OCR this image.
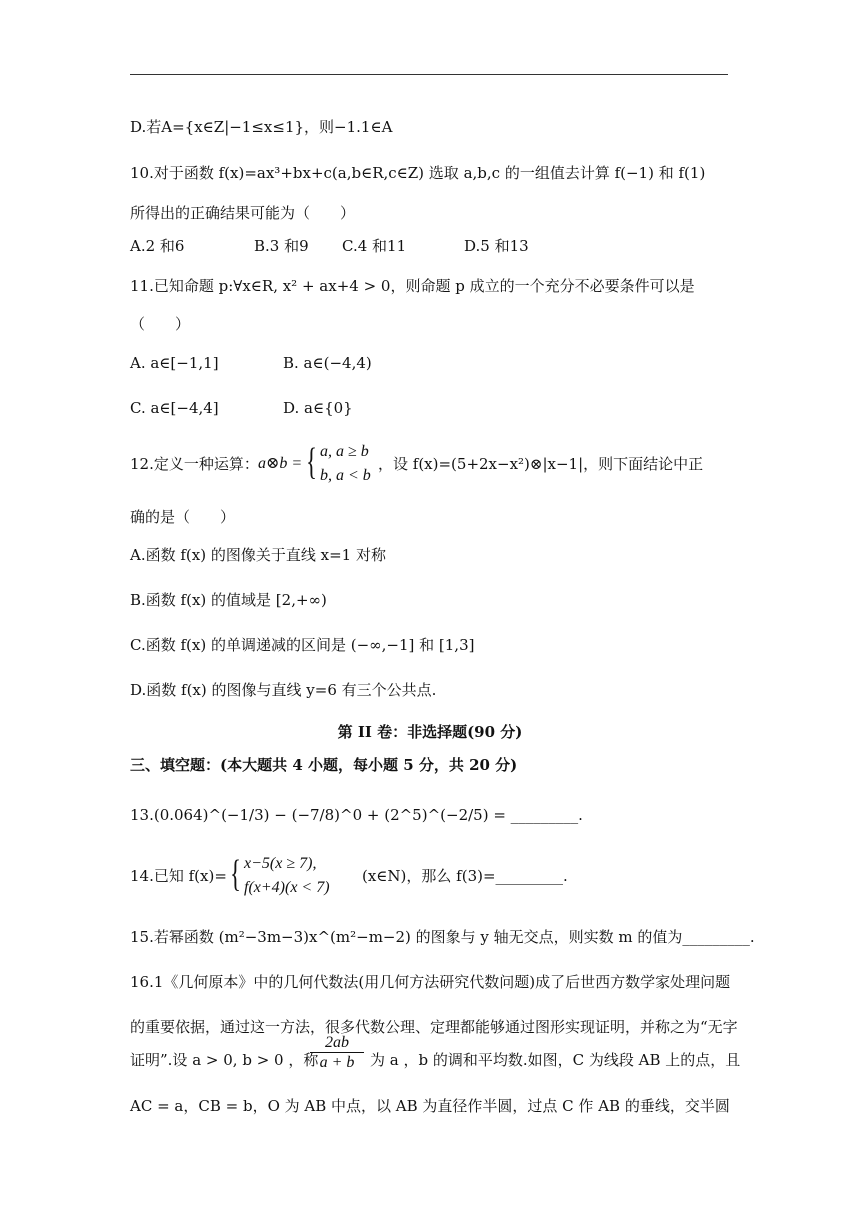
D.若A={x∈Z|−1≤x≤1}，则−1.1∈A
10.对于函数 f(x)=ax³+bx+c(a,b∈R,c∈Z) 选取 a,b,c 的一组值去计算 f(−1) 和 f(1)
所得出的正确结果可能为（　　）
A.2 和6	B.3 和9 C.4 和11	D.5 和13
11.已知命题 p:∀x∈R, x² + ax+4 > 0，则命题 p 成立的一个充分不必要条件可以是
（　　）
A. a∈[−1,1]	B. a∈(−4,4)
C. a∈[−4,4]	D. a∈{0}
12.定义一种运算： a⊗b = { a, a ≥ b
b, a < b
，设 f(x)=(5+2x−x²)⊗|x−1|，则下面结论中正
确的是（　　）
A.函数 f(x) 的图像关于直线 x=1 对称
B.函数 f(x) 的值域是 [2,+∞)
C.函数 f(x) 的单调递减的区间是 (−∞,−1] 和 [1,3]
D.函数 f(x) 的图像与直线 y=6 有三个公共点.
第 II 卷：非选择题(90 分)
三、填空题：(本大题共 4 小题，每小题 5 分，共 20 分)
13.(0.064)^(−1/3) − (−7/8)^0 + (2^5)^(−2/5) = _________.
14.已知 f(x)= { x−5(x ≥ 7),
f(x+4)(x < 7)
(x∈N)，那么 f(3)=_________.
15.若幂函数 (m²−3m−3)x^(m²−m−2) 的图象与 y 轴无交点，则实数 m 的值为_________.
16.1《几何原本》中的几何代数法(用几何方法研究代数问题)成了后世西方数学家处理问题
的重要依据，通过这一方法，很多代数公理、定理都能够通过图形实现证明，并称之为“无字
证明”.设 a > 0, b > 0 ，称
$\frac{2ab}{a + b}$ 为 a ，b 的调和平均数.如图，C 为线段 AB 上的点，且
AC = a，CB = b，O 为 AB 中点，以 AB 为直径作半圆，过点 C 作 AB 的垂线，交半圆
